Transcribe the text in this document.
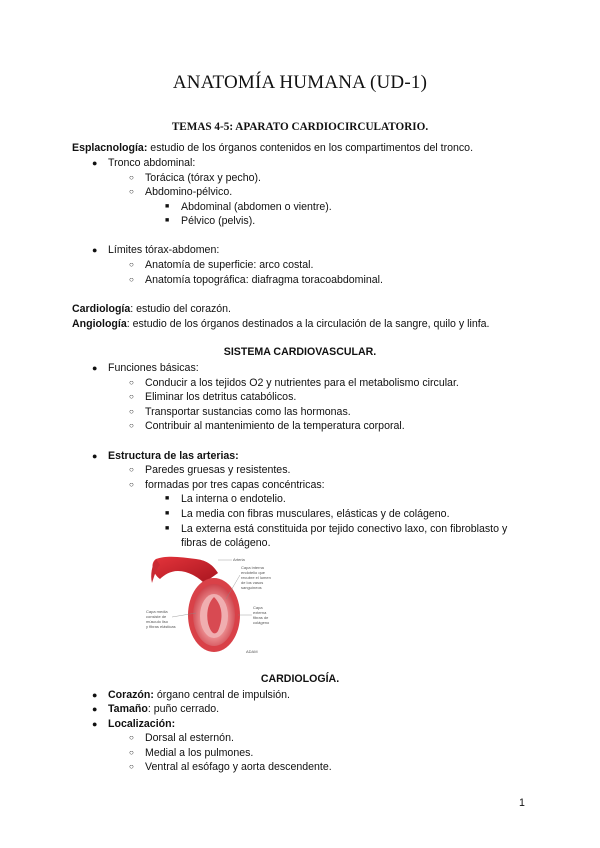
ANATOMÍA HUMANA (UD-1)
TEMAS 4-5: APARATO CARDIOCIRCULATORIO.
Esplacnología: estudio de los órganos contenidos en los compartimentos del tronco.
● Tronco abdominal:
○ Torácica (tórax y pecho).
○ Abdomino-pélvico.
■ Abdominal (abdomen o vientre).
■ Pélvico (pelvis).
● Límites tórax-abdomen:
○ Anatomía de superficie: arco costal.
○ Anatomía topográfica: diafragma toracoabdominal.
Cardiología: estudio del corazón.
Angiología: estudio de los órganos destinados a la circulación de la sangre, quilo y linfa.
SISTEMA CARDIOVASCULAR.
● Funciones básicas:
○ Conducir a los tejidos O2 y nutrientes para el metabolismo circular.
○ Eliminar los detritus catabólicos.
○ Transportar sustancias como las hormonas.
○ Contribuir al mantenimiento de la temperatura corporal.
● Estructura de las arterias:
○ Paredes gruesas y resistentes.
○ formadas por tres capas concéntricas:
■ La interna o endotelio.
■ La media con fibras musculares, elásticas y de colágeno.
■ La externa está constituida por tejido conectivo laxo, con fibroblasto y
fibras de colágeno.
Arteria
Capa interna
endotelio que
recubre el lumen
de los vasos
sanguíneos
Capa
externa
fibras de
colágeno
Capa media
consiste de
músculo liso
y fibras elásticas
ADAM
CARDIOLOGÍA.
● Corazón: órgano central de impulsión.
● Tamaño: puño cerrado.
● Localización:
○ Dorsal al esternón.
○ Medial a los pulmones.
○ Ventral al esófago y aorta descendente.
1
